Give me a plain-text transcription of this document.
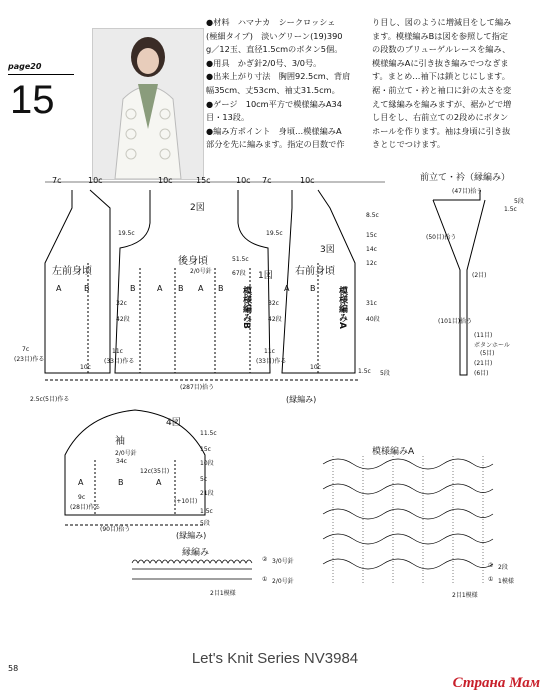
page20
15
●材料　ハマナカ　シークロッシェ
(極細タイプ)　淡いグリーン(19)390
g／12玉、直径1.5cmのボタン5個。
●用具　かぎ針2/0号、3/0号。
●出来上がり寸法　胸囲92.5cm、背肩
幅35cm、丈53cm、袖丈31.5cm。
●ゲージ　10cm平方で模様編みA34
目・13段。
●編み方ポイント　身頃…模様編みA
部分を先に編みます。指定の目数で作
り目し、図のように増減目をして編み
ます。模様編みBは図を参照して指定
の段数のブリューゲルレースを編み、
模様編みAに引き抜き編みでつなぎま
す。まとめ…袖下は鎖とじにします。
裾・前立て・衿と袖口に針の太さを変
えて縁編みを編みますが、裾かどで増
し目をし、右前立ての2段めにボタン
ホールを作ります。袖は身頃に引き抜
きとじでつけます。
7c	10c	10c	15c	10c 7c	10c
2図
3図
1図
左前身頃
後身頃
右前身頃
2/0号針
A	B	B	A B A B	A	B
模様編みB	模様編みA
19.5c	19.5c
32c
42段
32c
42段
51.5c
67段
11c
(33目)作る
11c
(33目)作る
10c	10c
7c
(23目)作る
8.5c
15c
14c
12c
31c
40段
1.5c 5段
(287目)拾う
(縁編み)
2.5c(5目)作る
前立て・衿（縁編み）
(47目)拾う
1.5c
5段
(50目)拾う
(2目)
(101目)拾う
(11目)
ボタンホール
(5目)
(21目)
(6目)
4図
袖
2/0号針
34c
12c(35目)
A	B	A
9c
(28目)作る
(+10目)
(90目)拾う
(縁編み)
11.5c
15c
10段
5c
21段
1.5c
5段
縁編み
② 3/0号針
① 2/0号針
2目1模様
模様編みA
2段
1模様
②
①
2目1模様
Let's Knit Series NV3984
58
Страна Мам
